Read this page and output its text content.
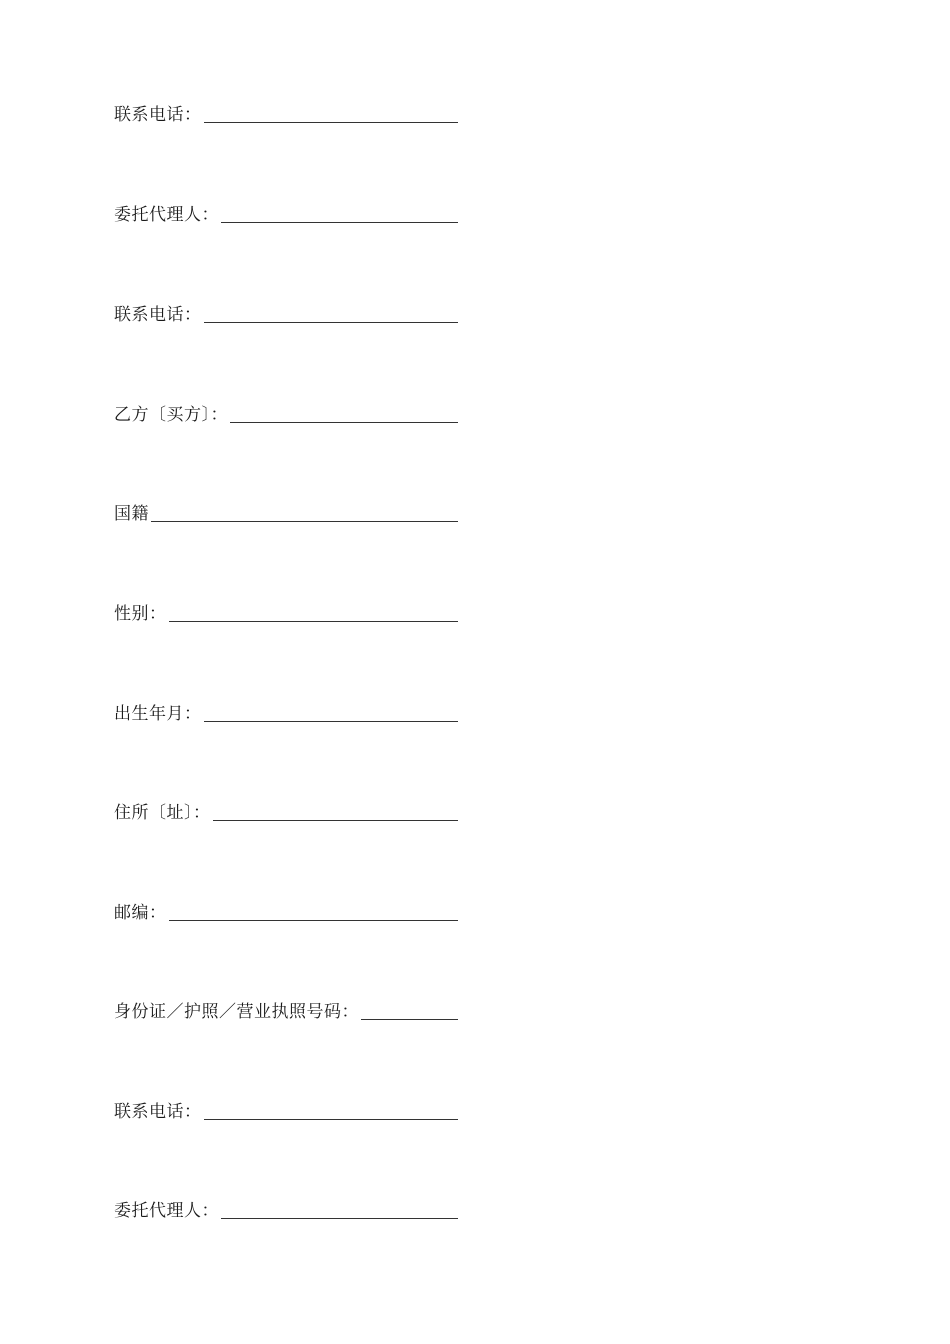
联系电话：
委托代理人：
联系电话：
乙方〔买方〕：
国籍
性别：
出生年月：
住所〔址〕：
邮编：
身份证／护照／营业执照号码：
联系电话：
委托代理人：
